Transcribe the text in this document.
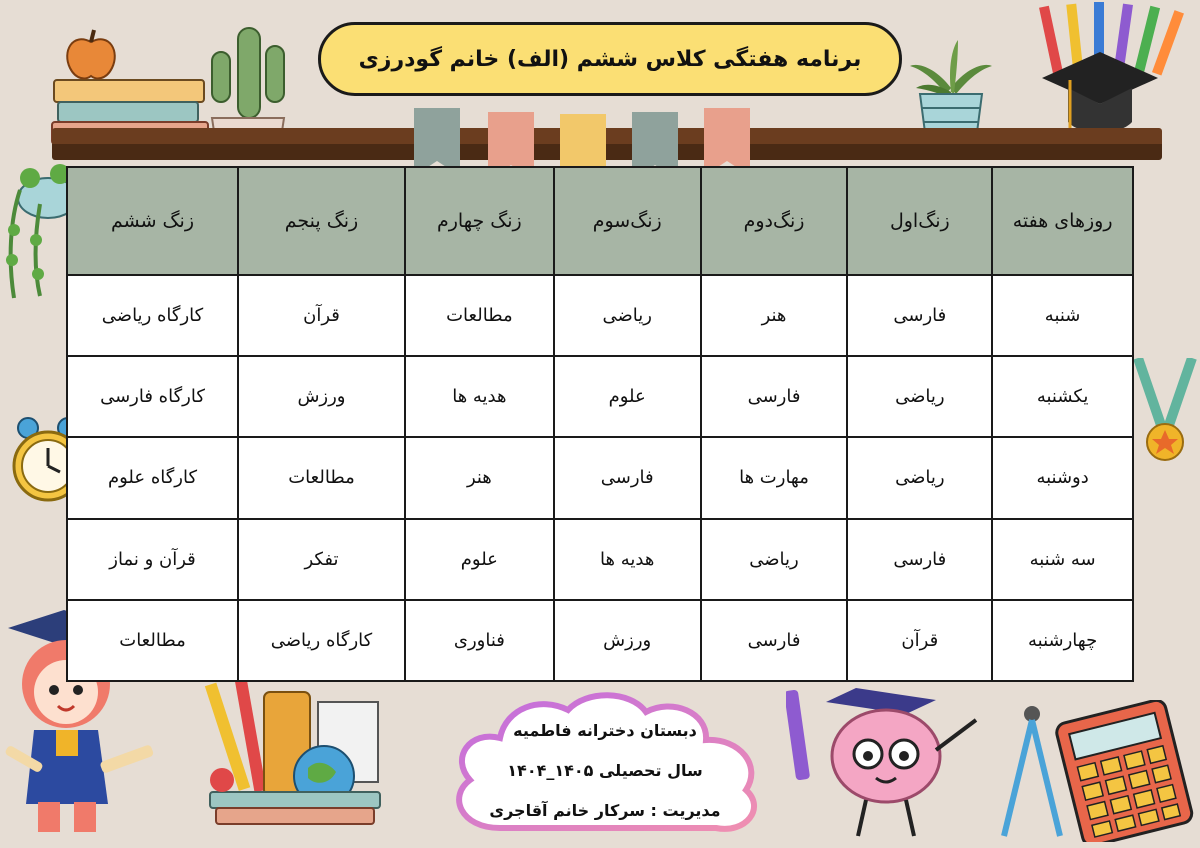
برنامه هفتگی کلاس ششم (الف) خانم گودرزی
روزهای هفته	زنگ‌اول	زنگ‌دوم	زنگ‌سوم	زنگ چهارم	زنگ پنجم	زنگ ششم
شنبه	فارسی	هنر	ریاضی	مطالعات	قرآن	کارگاه ریاضی
یکشنبه	ریاضی	فارسی	علوم	هدیه ها	ورزش	کارگاه فارسی
دوشنبه	ریاضی	مهارت ها	فارسی	هنر	مطالعات	کارگاه علوم
سه شنبه	فارسی	ریاضی	هدیه ها	علوم	تفکر	قرآن و نماز
چهارشنبه	قرآن	فارسی	ورزش	فناوری	کارگاه ریاضی	مطالعات
دبستان دخترانه فاطمیه
سال تحصیلی ۱۴۰۵_۱۴۰۴
مدیریت : سرکار خانم آقاجری
